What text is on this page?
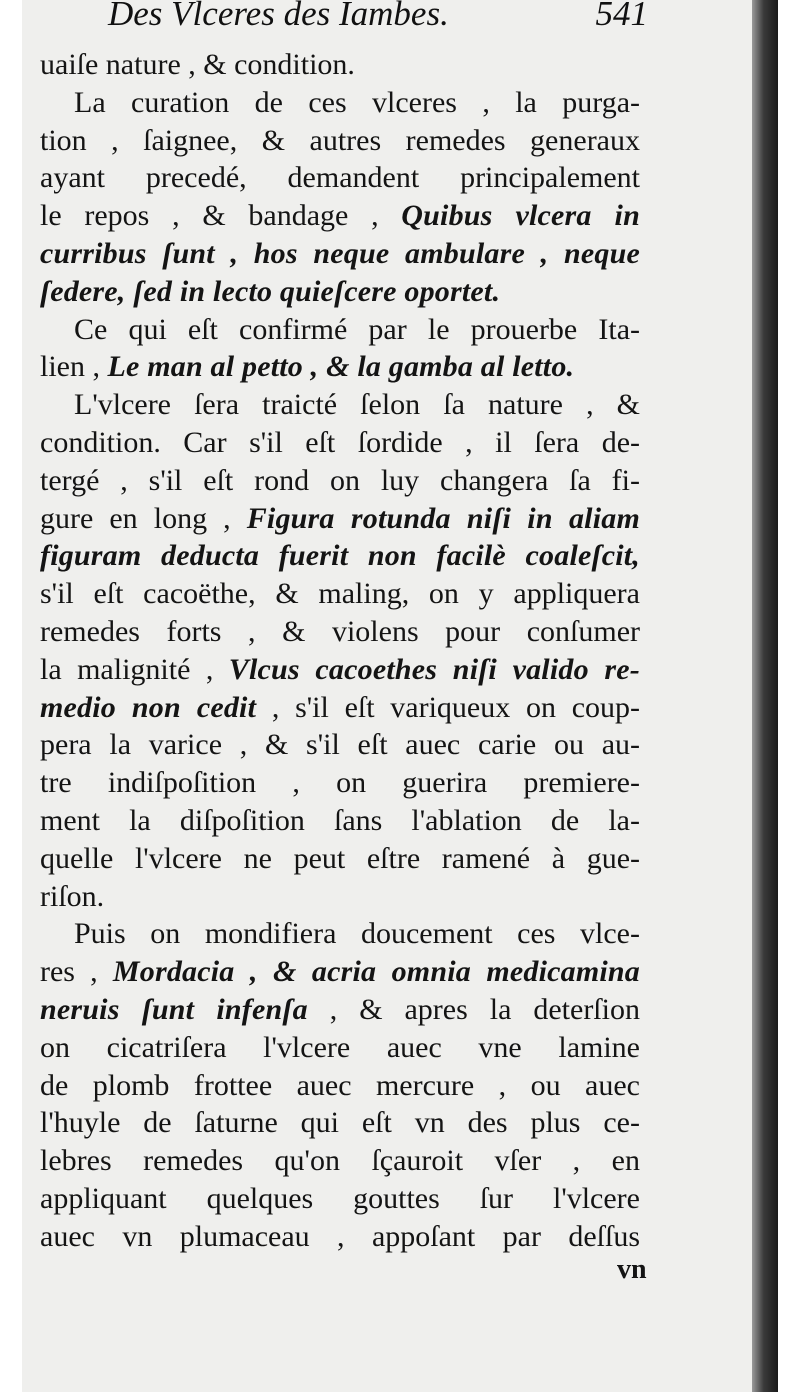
Des Vlceres des Iambes.	541
uaiſe nature , & condition.
La curation de ces vlceres , la purga-
tion , ſaignee, & autres remedes generaux
ayant precedé, demandent principalement
le repos , & bandage , Quibus vlcera in
curribus ſunt , hos neque ambulare , neque
ſedere, ſed in lecto quieſcere oportet.
Ce qui eſt confirmé par le prouerbe Ita-
lien , Le man al petto , & la gamba al letto.
L'vlcere ſera traicté ſelon ſa nature , &
condition. Car s'il eſt ſordide , il ſera de-
tergé , s'il eſt rond on luy changera ſa fi-
gure en long , Figura rotunda niſi in aliam
figuram deducta fuerit non facilè coaleſcit,
s'il eſt cacoëthe, & maling, on y appliquera
remedes forts , & violens pour conſumer
la malignité , Vlcus cacoethes niſi valido re-
medio non cedit , s'il eſt variqueux on coup-
pera la varice , & s'il eſt auec carie ou au-
tre indiſpoſition , on guerira premiere-
ment la diſpoſition ſans l'ablation de la-
quelle l'vlcere ne peut eſtre ramené à gue-
riſon.
Puis on mondifiera doucement ces vlce-
res , Mordacia , & acria omnia medicamina
neruis ſunt infenſa , & apres la deterſion
on cicatriſera l'vlcere auec vne lamine
de plomb frottee auec mercure , ou auec
l'huyle de ſaturne qui eſt vn des plus ce-
lebres remedes qu'on ſçauroit vſer , en
appliquant quelques gouttes ſur l'vlcere
auec vn plumaceau , appoſant par deſſus
vn
